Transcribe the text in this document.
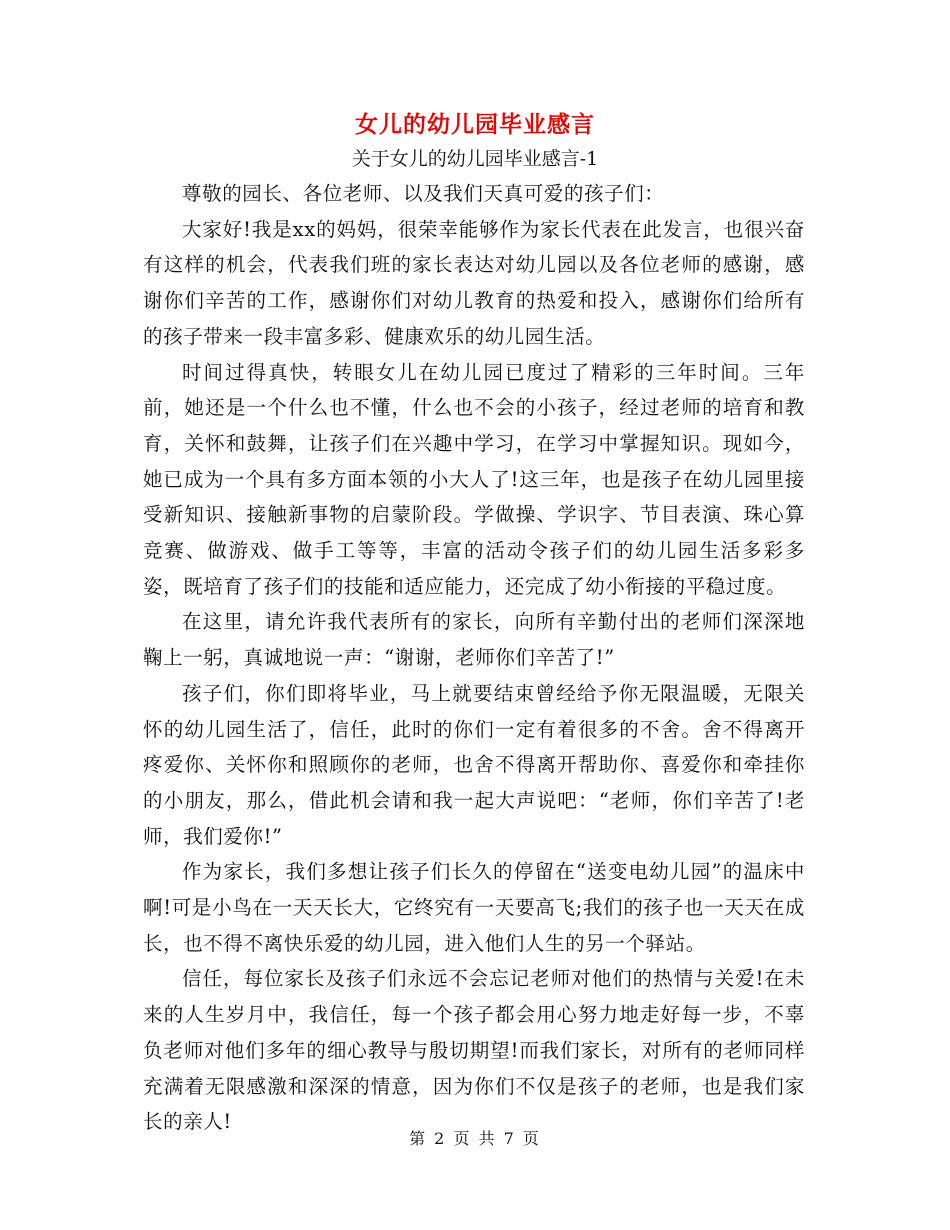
女儿的幼儿园毕业感言
关于女儿的幼儿园毕业感言-1

尊敬的园长、各位老师、以及我们天真可爱的孩子们：

大家好!我是xx的妈妈，很荣幸能够作为家长代表在此发言，也很兴奋有这样的机会，代表我们班的家长表达对幼儿园以及各位老师的感谢，感谢你们辛苦的工作，感谢你们对幼儿教育的热爱和投入，感谢你们给所有的孩子带来一段丰富多彩、健康欢乐的幼儿园生活。

时间过得真快，转眼女儿在幼儿园已度过了精彩的三年时间。三年前，她还是一个什么也不懂，什么也不会的小孩子，经过老师的培育和教育，关怀和鼓舞，让孩子们在兴趣中学习，在学习中掌握知识。现如今，她已成为一个具有多方面本领的小大人了!这三年，也是孩子在幼儿园里接受新知识、接触新事物的启蒙阶段。学做操、学识字、节目表演、珠心算竞赛、做游戏、做手工等等，丰富的活动令孩子们的幼儿园生活多彩多姿，既培育了孩子们的技能和适应能力，还完成了幼小衔接的平稳过度。

在这里，请允许我代表所有的家长，向所有辛勤付出的老师们深深地鞠上一躬，真诚地说一声：“谢谢，老师你们辛苦了!”

孩子们，你们即将毕业，马上就要结束曾经给予你无限温暖，无限关怀的幼儿园生活了，信任，此时的你们一定有着很多的不舍。舍不得离开疼爱你、关怀你和照顾你的老师，也舍不得离开帮助你、喜爱你和牵挂你的小朋友，那么，借此机会请和我一起大声说吧：“老师，你们辛苦了!老师，我们爱你!”

作为家长，我们多想让孩子们长久的停留在“送变电幼儿园”的温床中啊!可是小鸟在一天天长大，它终究有一天要高飞;我们的孩子也一天天在成长，也不得不离快乐爱的幼儿园，进入他们人生的另一个驿站。

信任，每位家长及孩子们永远不会忘记老师对他们的热情与关爱!在未来的人生岁月中，我信任，每一个孩子都会用心努力地走好每一步，不辜负老师对他们多年的细心教导与殷切期望!而我们家长，对所有的老师同样充满着无限感激和深深的情意，因为你们不仅是孩子的老师，也是我们家长的亲人!

第 2 页 共 7 页
